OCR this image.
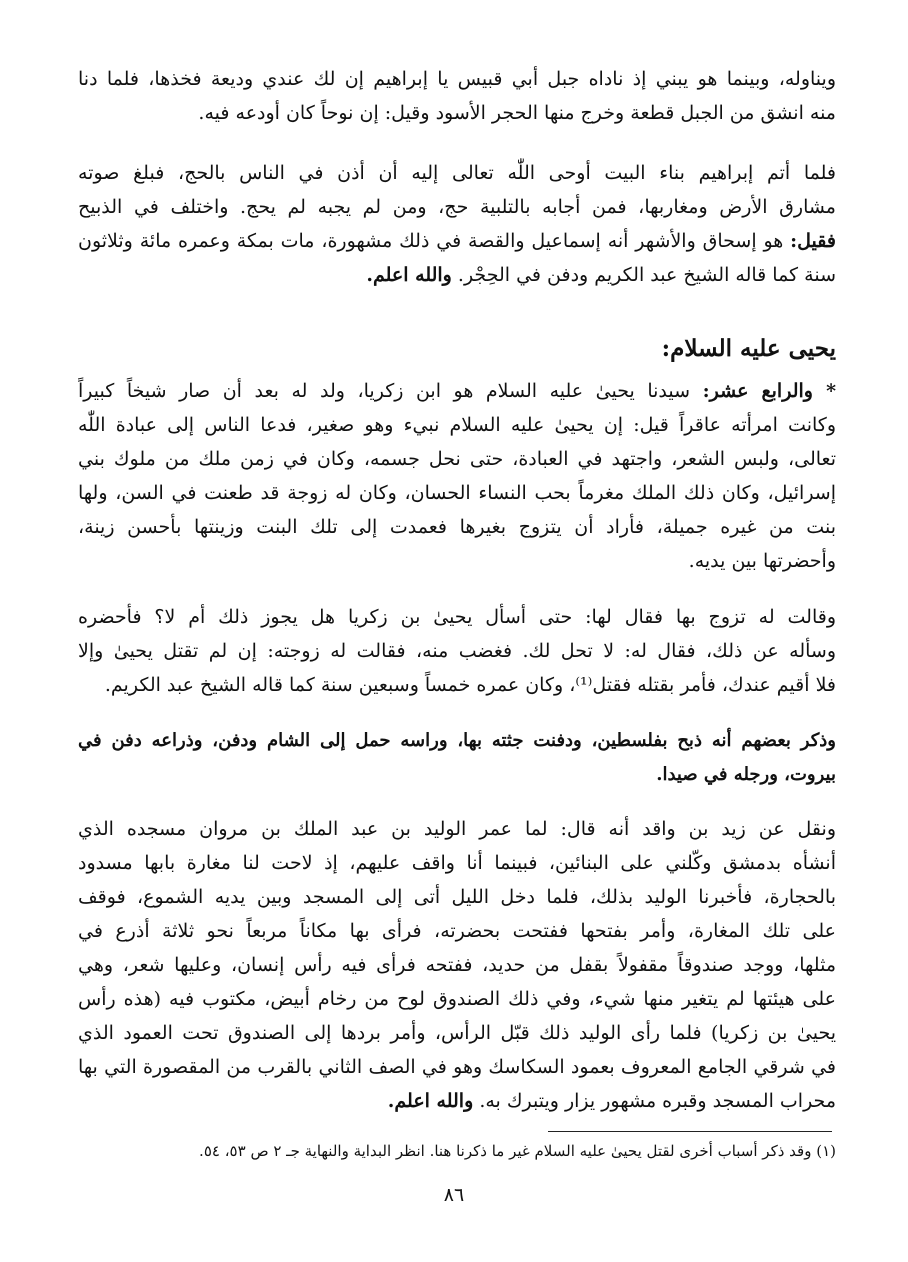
ويناوله، وبينما هو يبني إذ ناداه جبل أبي قبيس يا إبراهيم إن لك عندي وديعة فخذها، فلما دنا
منه انشق من الجبل قطعة وخرج منها الحجر الأسود وقيل: إن نوحاً كان أودعه فيه.
فلما أتم إبراهيم بناء البيت أوحى اللّٰه تعالى إليه أن أذن في الناس بالحج، فبلغ صوته
مشارق الأرض ومغاربها، فمن أجابه بالتلبية حج، ومن لم يجبه لم يحج. واختلف في الذبيح
فقيل: هو إسحاق والأشهر أنه إسماعيل والقصة في ذلك مشهورة، مات بمكة وعمره مائة وثلاثون
سنة كما قاله الشيخ عبد الكريم ودفن في الحِجْر. والله اعلم.
يحيى عليه السلام:
* والرابع عشر: سيدنا يحيىٰ عليه السلام هو ابن زكريا، ولد له بعد أن صار شيخاً كبيراً
وكانت امرأته عاقراً قيل: إن يحيىٰ عليه السلام نبيء وهو صغير، فدعا الناس إلى عبادة اللّٰه
تعالى، ولبس الشعر، واجتهد في العبادة، حتى نحل جسمه، وكان في زمن ملك من ملوك بني
إسرائيل، وكان ذلك الملك مغرماً بحب النساء الحسان، وكان له زوجة قد طعنت في السن، ولها
بنت من غيره جميلة، فأراد أن يتزوج بغيرها فعمدت إلى تلك البنت وزينتها بأحسن زينة،
وأحضرتها بين يديه.
وقالت له تزوج بها فقال لها: حتى أسأل يحيىٰ بن زكريا هل يجوز ذلك أم لا؟ فأحضره
وسأله عن ذلك، فقال له: لا تحل لك. فغضب منه، فقالت له زوجته: إن لم تقتل يحيىٰ وإلا
فلا أقيم عندك، فأمر بقتله فقتل⁽¹⁾، وكان عمره خمساً وسبعين سنة كما قاله الشيخ عبد الكريم.
وذكر بعضهم أنه ذبح بفلسطين، ودفنت جثته بها، وراسه حمل إلى الشام ودفن، وذراعه دفن في
بيروت، ورجله في صيدا.
ونقل عن زيد بن واقد أنه قال: لما عمر الوليد بن عبد الملك بن مروان مسجده الذي
أنشأه بدمشق وكّلني على البنائين، فبينما أنا واقف عليهم، إذ لاحت لنا مغارة بابها مسدود
بالحجارة، فأخبرنا الوليد بذلك، فلما دخل الليل أتى إلى المسجد وبين يديه الشموع، فوقف
على تلك المغارة، وأمر بفتحها ففتحت بحضرته، فرأى بها مكاناً مربعاً نحو ثلاثة أذرع في
مثلها، ووجد صندوقاً مقفولاً بقفل من حديد، ففتحه فرأى فيه رأس إنسان، وعليها شعر، وهي
على هيئتها لم يتغير منها شيء، وفي ذلك الصندوق لوح من رخام أبيض، مكتوب فيه (هذه رأس
يحيىٰ بن زكريا) فلما رأى الوليد ذلك قبّل الرأس، وأمر بردها إلى الصندوق تحت العمود الذي
في شرقي الجامع المعروف بعمود السكاسك وهو في الصف الثاني بالقرب من المقصورة التي بها
محراب المسجد وقبره مشهور يزار ويتبرك به. والله اعلم.
(١) وقد ذكر أسباب أخرى لقتل يحيىٰ عليه السلام غير ما ذكرنا هنا. انظر البداية والنهاية جـ ٢ ص ٥٣، ٥٤.
٨٦
